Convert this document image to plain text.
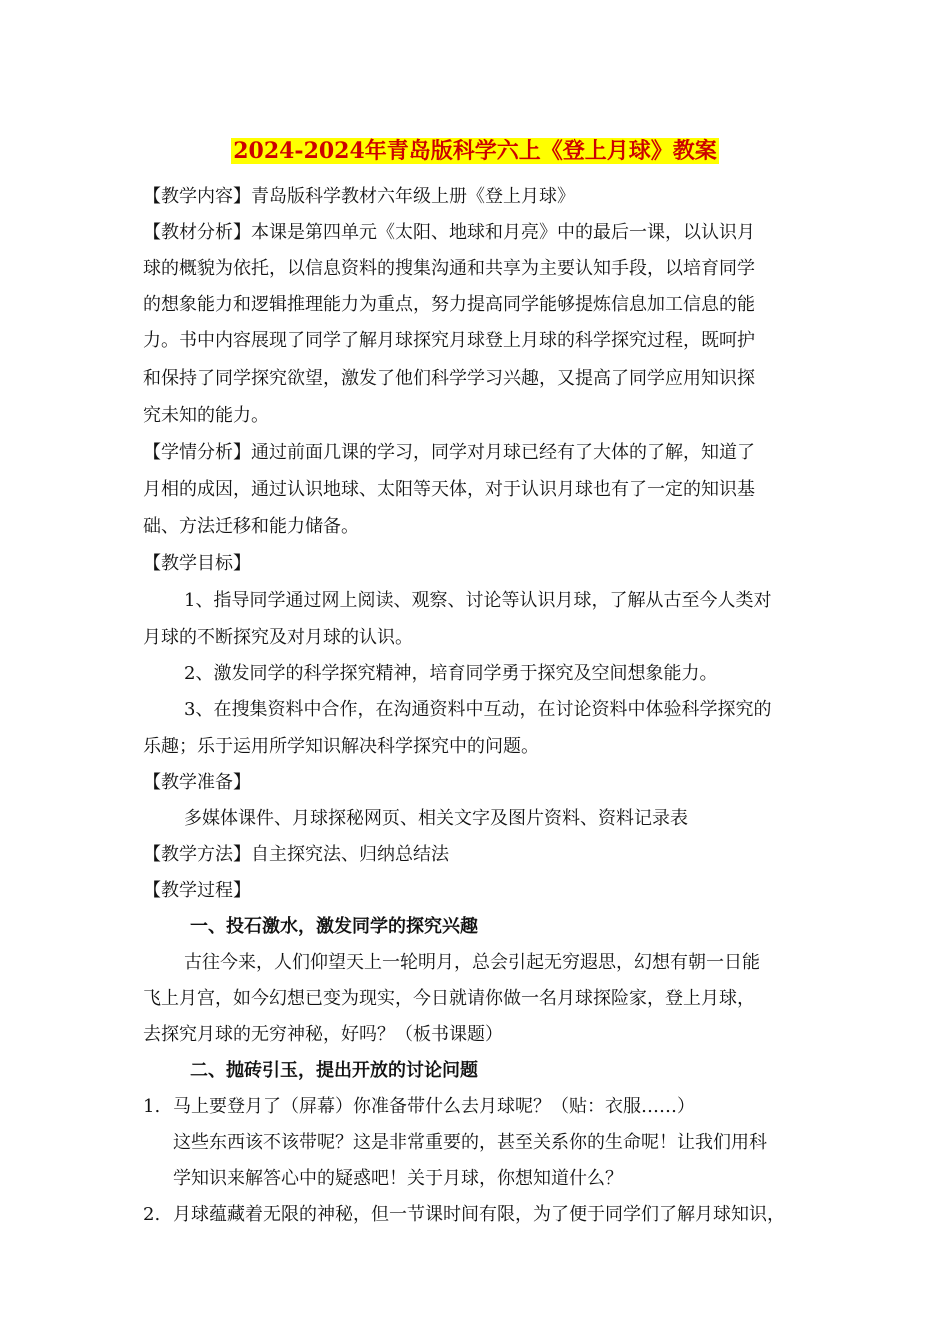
2024-2024年青岛版科学六上《登上月球》教案
【教学内容】青岛版科学教材六年级上册《登上月球》
【教材分析】本课是第四单元《太阳、地球和月亮》中的最后一课，以认识月
球的概貌为依托，以信息资料的搜集沟通和共享为主要认知手段，以培育同学
的想象能力和逻辑推理能力为重点，努力提高同学能够提炼信息加工信息的能
力。书中内容展现了同学了解月球探究月球登上月球的科学探究过程，既呵护
和保持了同学探究欲望，激发了他们科学学习兴趣，又提高了同学应用知识探
究未知的能力。
【学情分析】通过前面几课的学习，同学对月球已经有了大体的了解，知道了
月相的成因，通过认识地球、太阳等天体，对于认识月球也有了一定的知识基
础、方法迁移和能力储备。
【教学目标】
1、指导同学通过网上阅读、观察、讨论等认识月球，了解从古至今人类对
月球的不断探究及对月球的认识。
2、激发同学的科学探究精神，培育同学勇于探究及空间想象能力。
3、在搜集资料中合作，在沟通资料中互动，在讨论资料中体验科学探究的
乐趣；乐于运用所学知识解决科学探究中的问题。
【教学准备】
多媒体课件、月球探秘网页、相关文字及图片资料、资料记录表
【教学方法】自主探究法、归纳总结法
【教学过程】
一、投石激水，激发同学的探究兴趣
古往今来，人们仰望天上一轮明月，总会引起无穷遐思，幻想有朝一日能
飞上月宫，如今幻想已变为现实，今日就请你做一名月球探险家，登上月球，
去探究月球的无穷神秘，好吗？（板书课题）
二、抛砖引玉，提出开放的讨论问题
1. 马上要登月了（屏幕）你准备带什么去月球呢？（贴：衣服……）
这些东西该不该带呢？这是非常重要的，甚至关系你的生命呢！让我们用科
学知识来解答心中的疑惑吧！关于月球，你想知道什么？
2. 月球蕴藏着无限的神秘，但一节课时间有限，为了便于同学们了解月球知识，
